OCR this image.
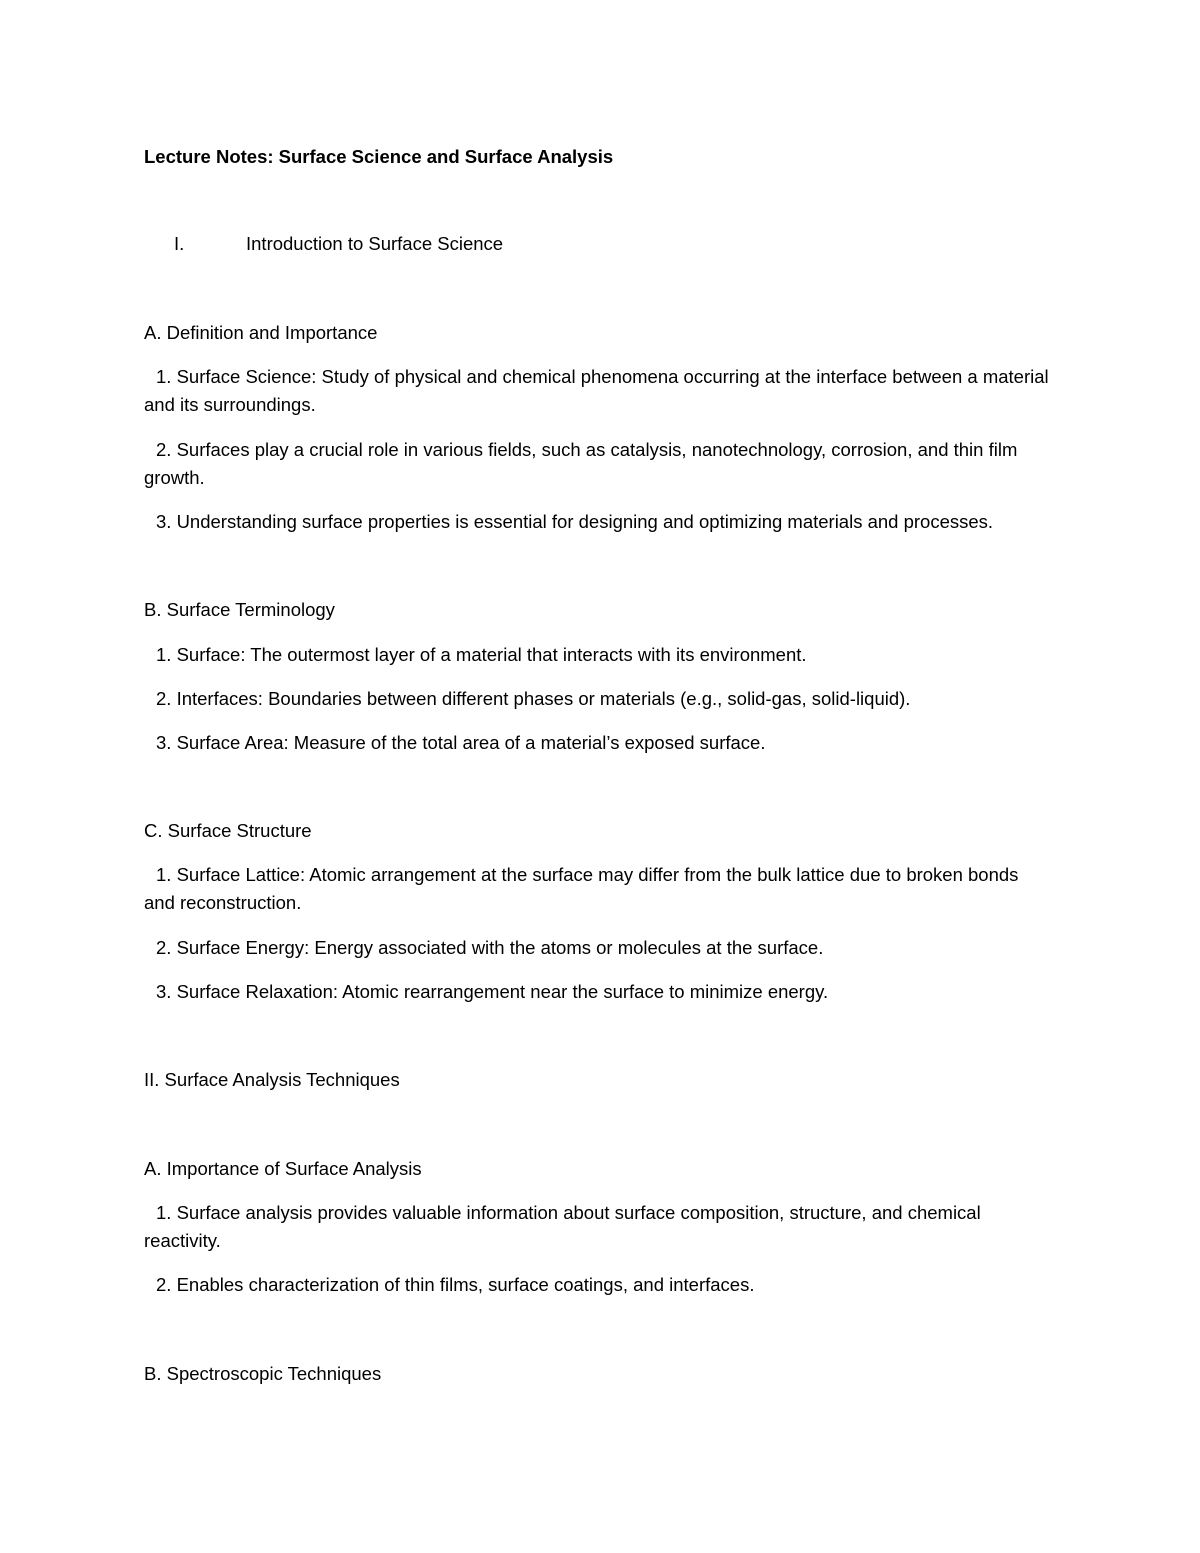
Lecture Notes: Surface Science and Surface Analysis
I.	Introduction to Surface Science
A. Definition and Importance
1. Surface Science: Study of physical and chemical phenomena occurring at the interface between a material and its surroundings.
2. Surfaces play a crucial role in various fields, such as catalysis, nanotechnology, corrosion, and thin film growth.
3. Understanding surface properties is essential for designing and optimizing materials and processes.
B. Surface Terminology
1. Surface: The outermost layer of a material that interacts with its environment.
2. Interfaces: Boundaries between different phases or materials (e.g., solid-gas, solid-liquid).
3. Surface Area: Measure of the total area of a material’s exposed surface.
C. Surface Structure
1. Surface Lattice: Atomic arrangement at the surface may differ from the bulk lattice due to broken bonds and reconstruction.
2. Surface Energy: Energy associated with the atoms or molecules at the surface.
3. Surface Relaxation: Atomic rearrangement near the surface to minimize energy.
II. Surface Analysis Techniques
A. Importance of Surface Analysis
1. Surface analysis provides valuable information about surface composition, structure, and chemical reactivity.
2. Enables characterization of thin films, surface coatings, and interfaces.
B. Spectroscopic Techniques
